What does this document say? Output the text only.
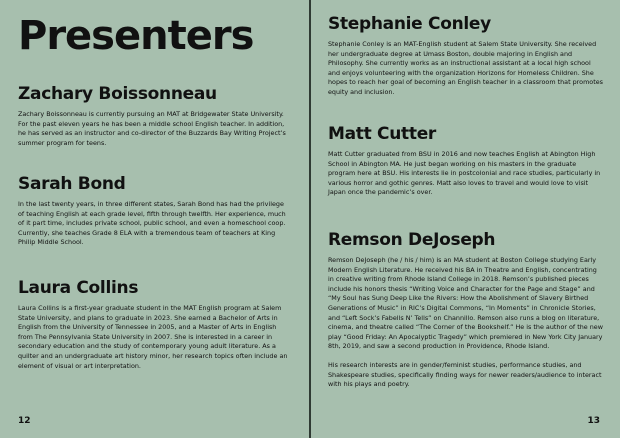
Presenters
Zachary Boissonneau

Zachary Boissonneau is currently pursuing an MAT at Bridgewater State University. For the past eleven years he has been a middle school English teacher. In addition, he has served as an instructor and co-director of the Buzzards Bay Writing Project’s summer program for teens.

Sarah Bond

In the last twenty years, in three different states, Sarah Bond has had the privilege of teaching English at each grade level, fifth through twelfth. Her experience, much of it part time, includes private school, public school, and even a homeschool coop. Currently, she teaches Grade 8 ELA with a tremendous team of teachers at King Philip Middle School.

Laura Collins

Laura Collins is a first-year graduate student in the MAT English program at Salem State University, and plans to graduate in 2023. She earned a Bachelor of Arts in English from the University of Tennessee in 2005, and a Master of Arts in English from The Pennsylvania State University in 2007. She is interested in a career in secondary education and the study of contemporary young adult literature. As a quilter and an undergraduate art history minor, her research topics often include an element of visual or art interpretation.

12
Stephanie Conley

Stephanie Conley is an MAT-English student at Salem State University. She received her undergraduate degree at Umass Boston, double majoring in English and Philosophy. She currently works as an instructional assistant at a local high school and enjoys volunteering with the organization Horizons for Homeless Children. She hopes to reach her goal of becoming an English teacher in a classroom that promotes equity and inclusion.

Matt Cutter

Matt Cutter graduated from BSU in 2016 and now teaches English at Abington High School in Abington MA. He just began working on his masters in the graduate program here at BSU. His interests lie in postcolonial and race studies, particularly in various horror and gothic genres. Matt also loves to travel and would love to visit Japan once the pandemic’s over.

Remson DeJoseph

Remson DeJoseph (he / his / him) is an MA student at Boston College studying Early Modern English Literature. He received his BA in Theatre and English, concentrating in creative writing from Rhode Island College in 2018. Remson’s published pieces include his honors thesis “Writing Voice and Character for the Page and Stage” and “My Soul has Sung Deep Like the Rivers: How the Abolishment of Slavery Birthed Generations of Music” in RIC’s Digital Commons, “In Moments” in Chronicle Stories, and “Left Sock’s Fabells N’ Tells” on Channillo. Remson also runs a blog on literature, cinema, and theatre called “The Corner of the Bookshelf.” He is the author of the new play “Good Friday: An Apocalyptic Tragedy” which premiered in New York City January 8th, 2019, and saw a second production in Providence, Rhode Island.

His research interests are in gender/feminist studies, performance studies, and Shakespeare studies, specifically finding ways for newer readers/audience to interact with his plays and poetry.

13
